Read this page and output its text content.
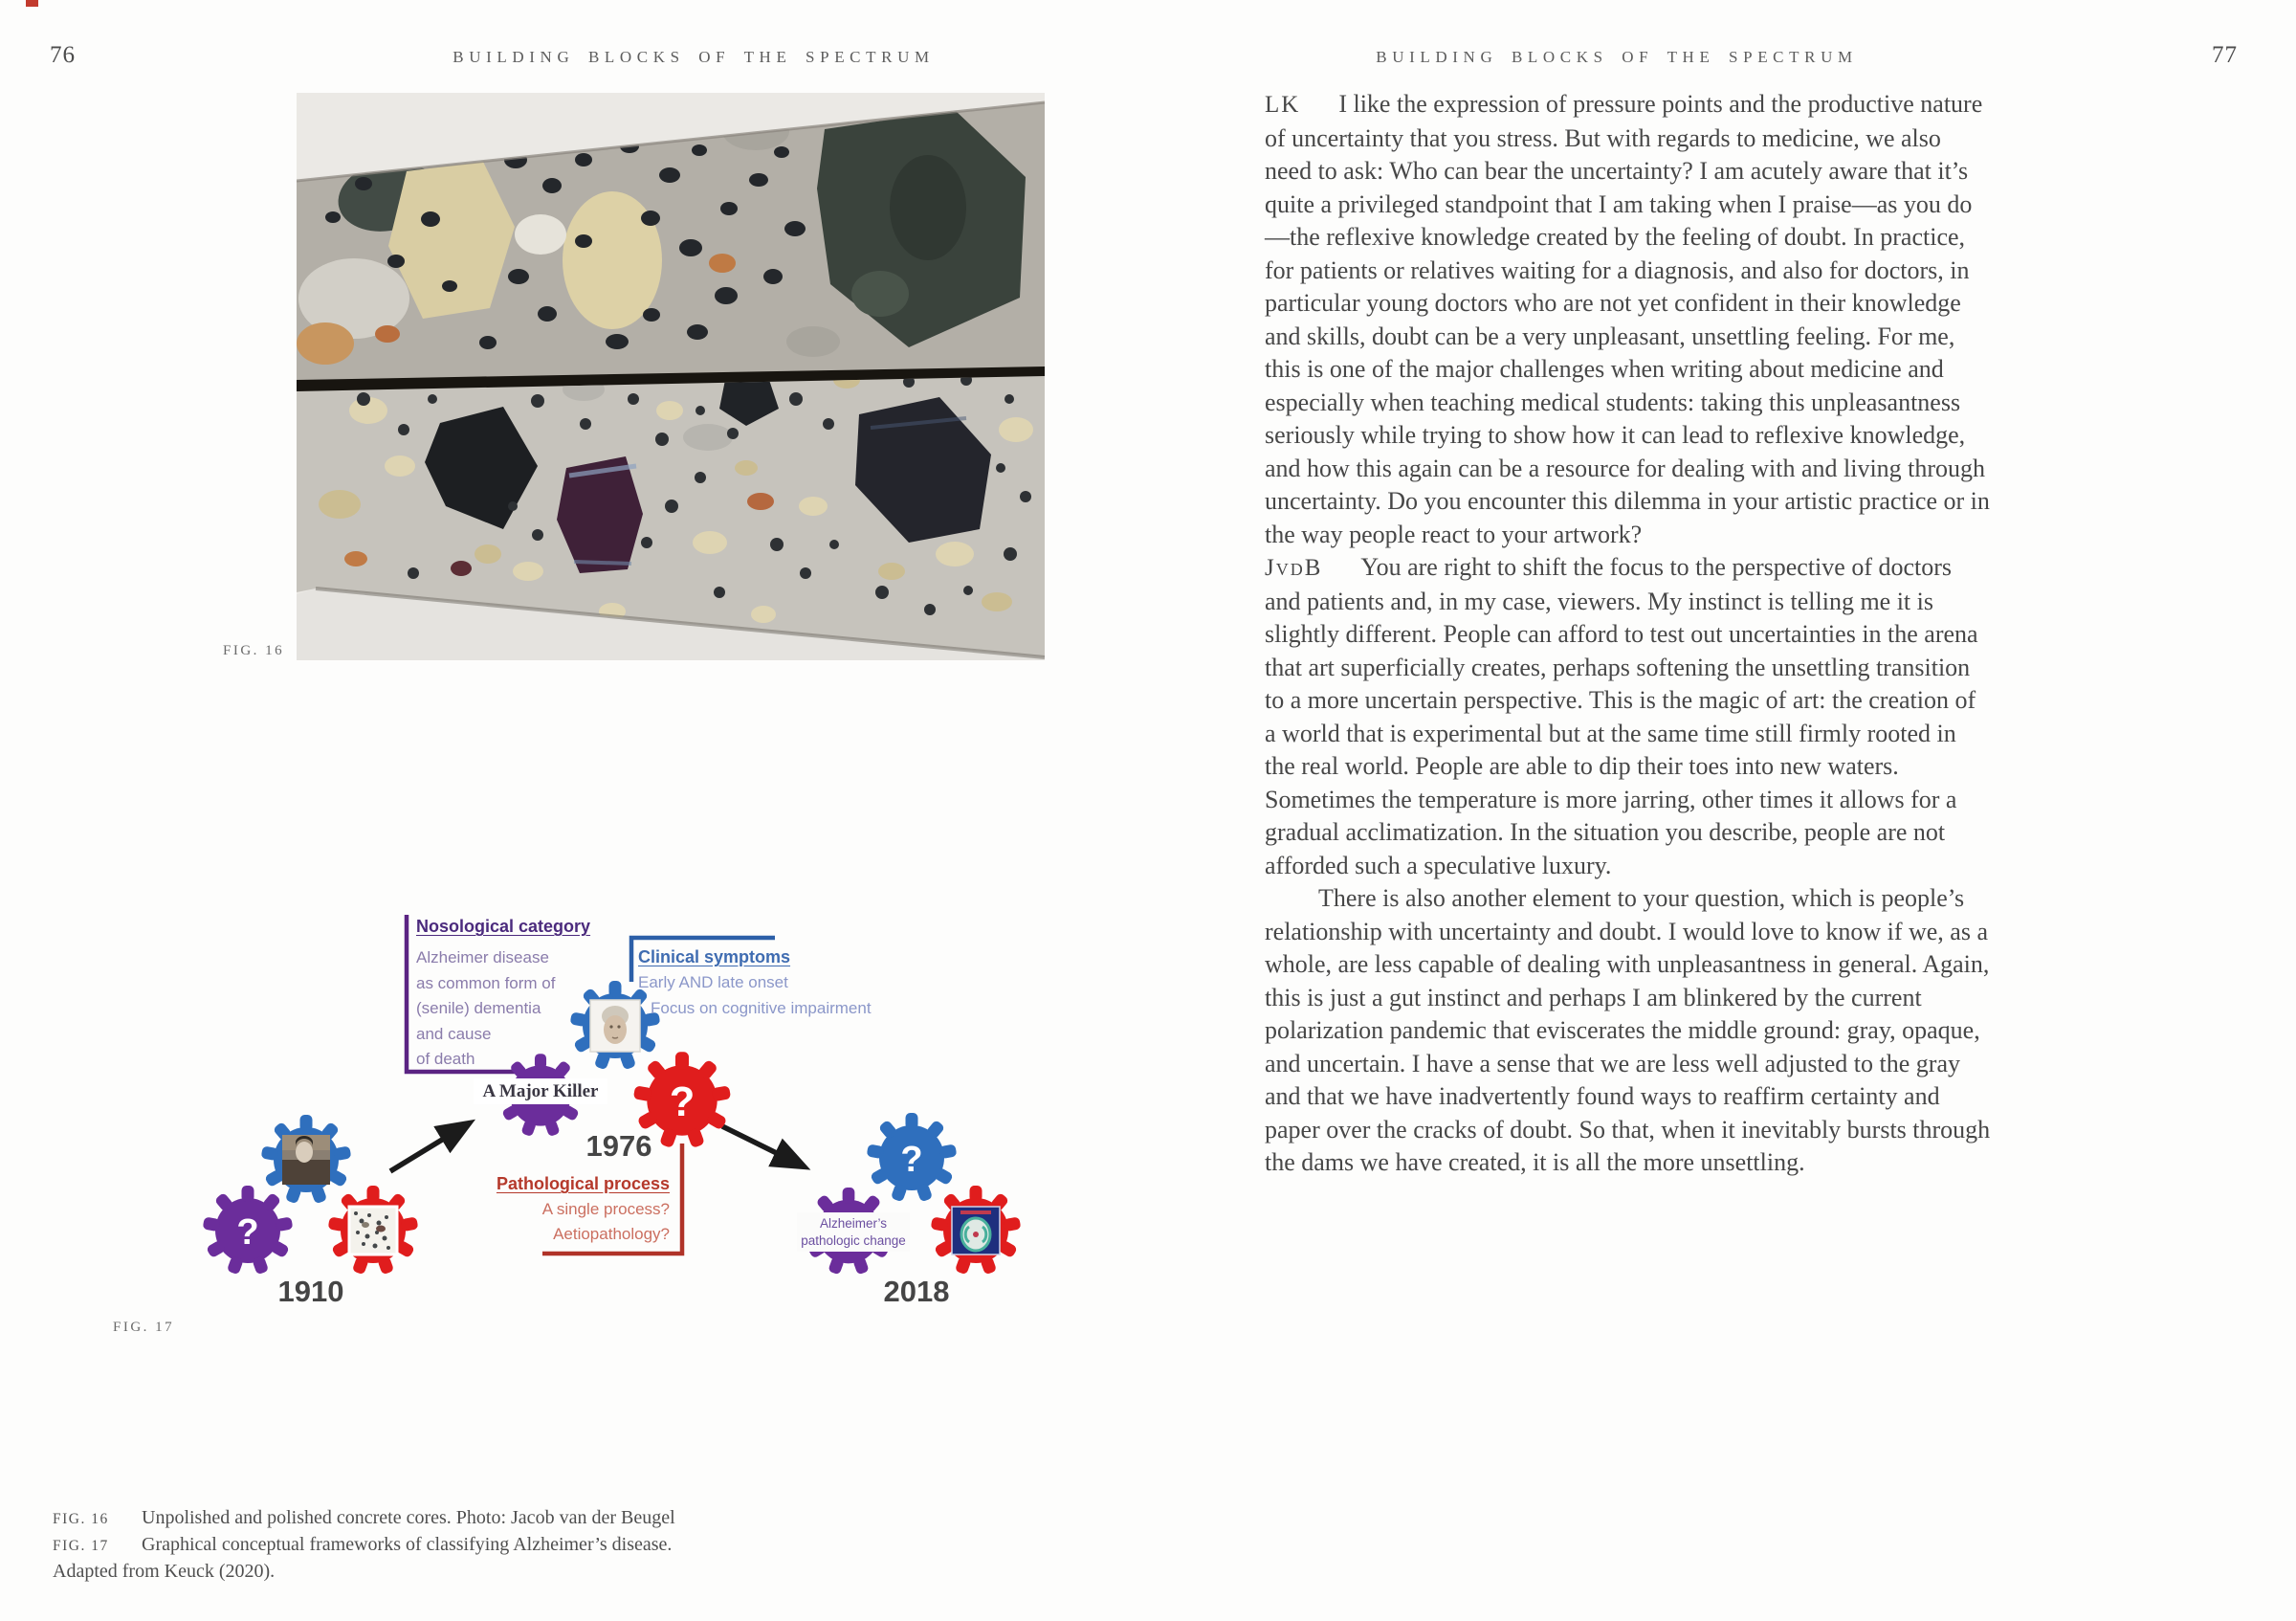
76	BUILDING BLOCKS OF THE SPECTRUM
FIG. 16
?
?
?
Nosological category
Alzheimer disease
as common form of
(senile) dementia
and cause
of death
Clinical symptoms
Early AND late onset
Focus on cognitive impairment
Pathological process
A single process?
Aetiopathology?
A Major Killer
Alzheimer’s
pathologic change
1910
1976
2018
FIG. 17
FIG. 16 Unpolished and polished concrete cores. Photo: Jacob van der Beugel
FIG. 17 Graphical conceptual frameworks of classifying Alzheimer’s disease.
Adapted from Keuck (2020).
BUILDING BLOCKS OF THE SPECTRUM	77

LK I like the expression of pressure points and the productive nature of uncertainty that you stress. But with regards to medicine, we also need to ask: Who can bear the uncertainty? I am acutely aware that it’s quite a privileged standpoint that I am taking when I praise—as you do—the reflexive knowledge created by the feeling of doubt. In practice, for patients or relatives waiting for a diagnosis, and also for doctors, in particular young doctors who are not yet confident in their knowledge and skills, doubt can be a very unpleasant, unsettling feeling. For me, this is one of the major challenges when writing about medicine and especially when teaching medical students: taking this unpleasantness seriously while trying to show how it can lead to reflexive knowledge, and how this again can be a resource for dealing with and living through uncertainty. Do you encounter this dilemma in your artistic practice or in the way people react to your artwork?

JvdB You are right to shift the focus to the perspective of doctors and patients and, in my case, viewers. My instinct is telling me it is slightly different. People can afford to test out uncertainties in the arena that art superficially creates, perhaps softening the unsettling transition to a more uncertain perspective. This is the magic of art: the creation of a world that is experimental but at the same time still firmly rooted in the real world. People are able to dip their toes into new waters. Sometimes the temperature is more jarring, other times it allows for a gradual acclimatization. In the situation you describe, people are not afforded such a speculative luxury.

There is also another element to your question, which is people’s relationship with uncertainty and doubt. I would love to know if we, as a whole, are less capable of dealing with unpleasantness in general. Again, this is just a gut instinct and perhaps I am blinkered by the current polarization pandemic that eviscerates the middle ground: gray, opaque, and uncertain. I have a sense that we are less well adjusted to the gray and that we have inadvertently found ways to reaffirm certainty and paper over the cracks of doubt. So that, when it inevitably bursts through the dams we have created, it is all the more unsettling.
